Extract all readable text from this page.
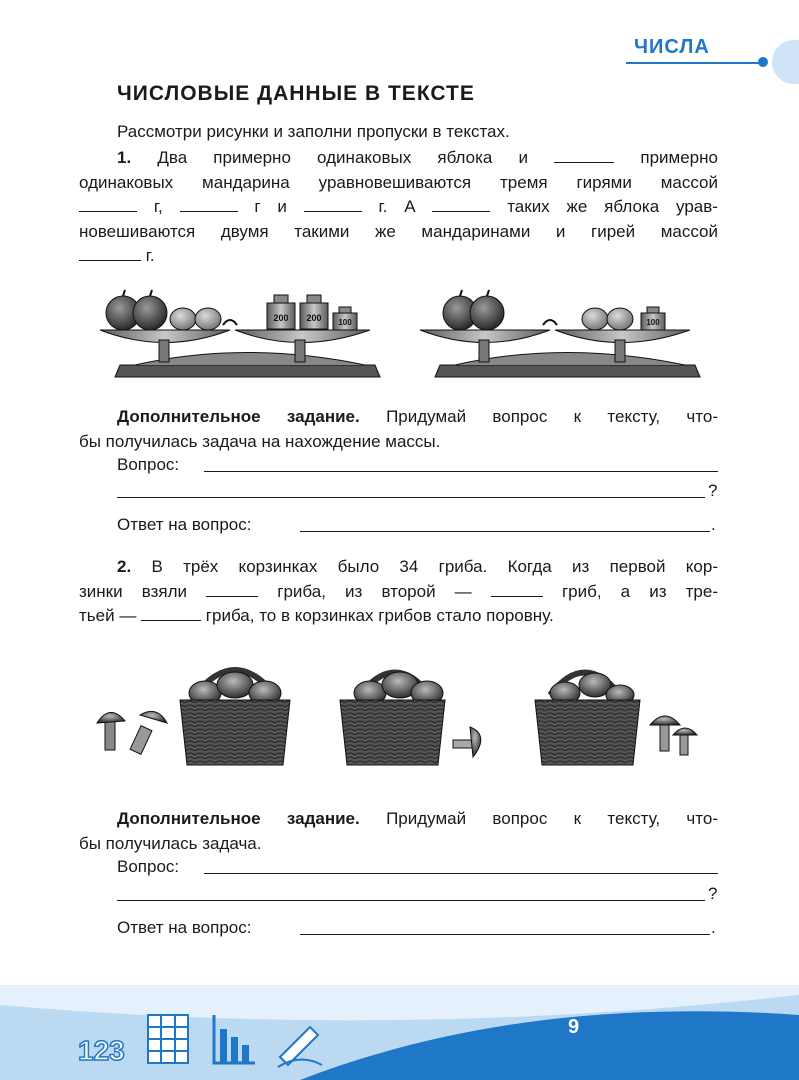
ЧИСЛА
ЧИСЛОВЫЕ ДАННЫЕ В ТЕКСТЕ
Рассмотри рисунки и заполни пропуски в текстах.
1. Два примерно одинаковых яблока и	примерно
одинаковых мандарина уравновешиваются тремя гирями массой
г,	г и	г. А	таких же яблока урав-
новешиваются двумя такими же мандаринами и гирей массой
г.
200 200 100	100
Дополнительное задание. Придумай вопрос к тексту, что-
бы получилась задача на нахождение массы.
Вопрос:
?
Ответ на вопрос:	.
2. В трёх корзинках было 34 гриба. Когда из первой кор-
зинки взяли	гриба, из второй —	гриб, а из тре-
тьей —	гриба, то в корзинках грибов стало поровну.
Дополнительное задание. Придумай вопрос к тексту, что-
бы получилась задача.
Вопрос:
?
Ответ на вопрос:	.
123
9
